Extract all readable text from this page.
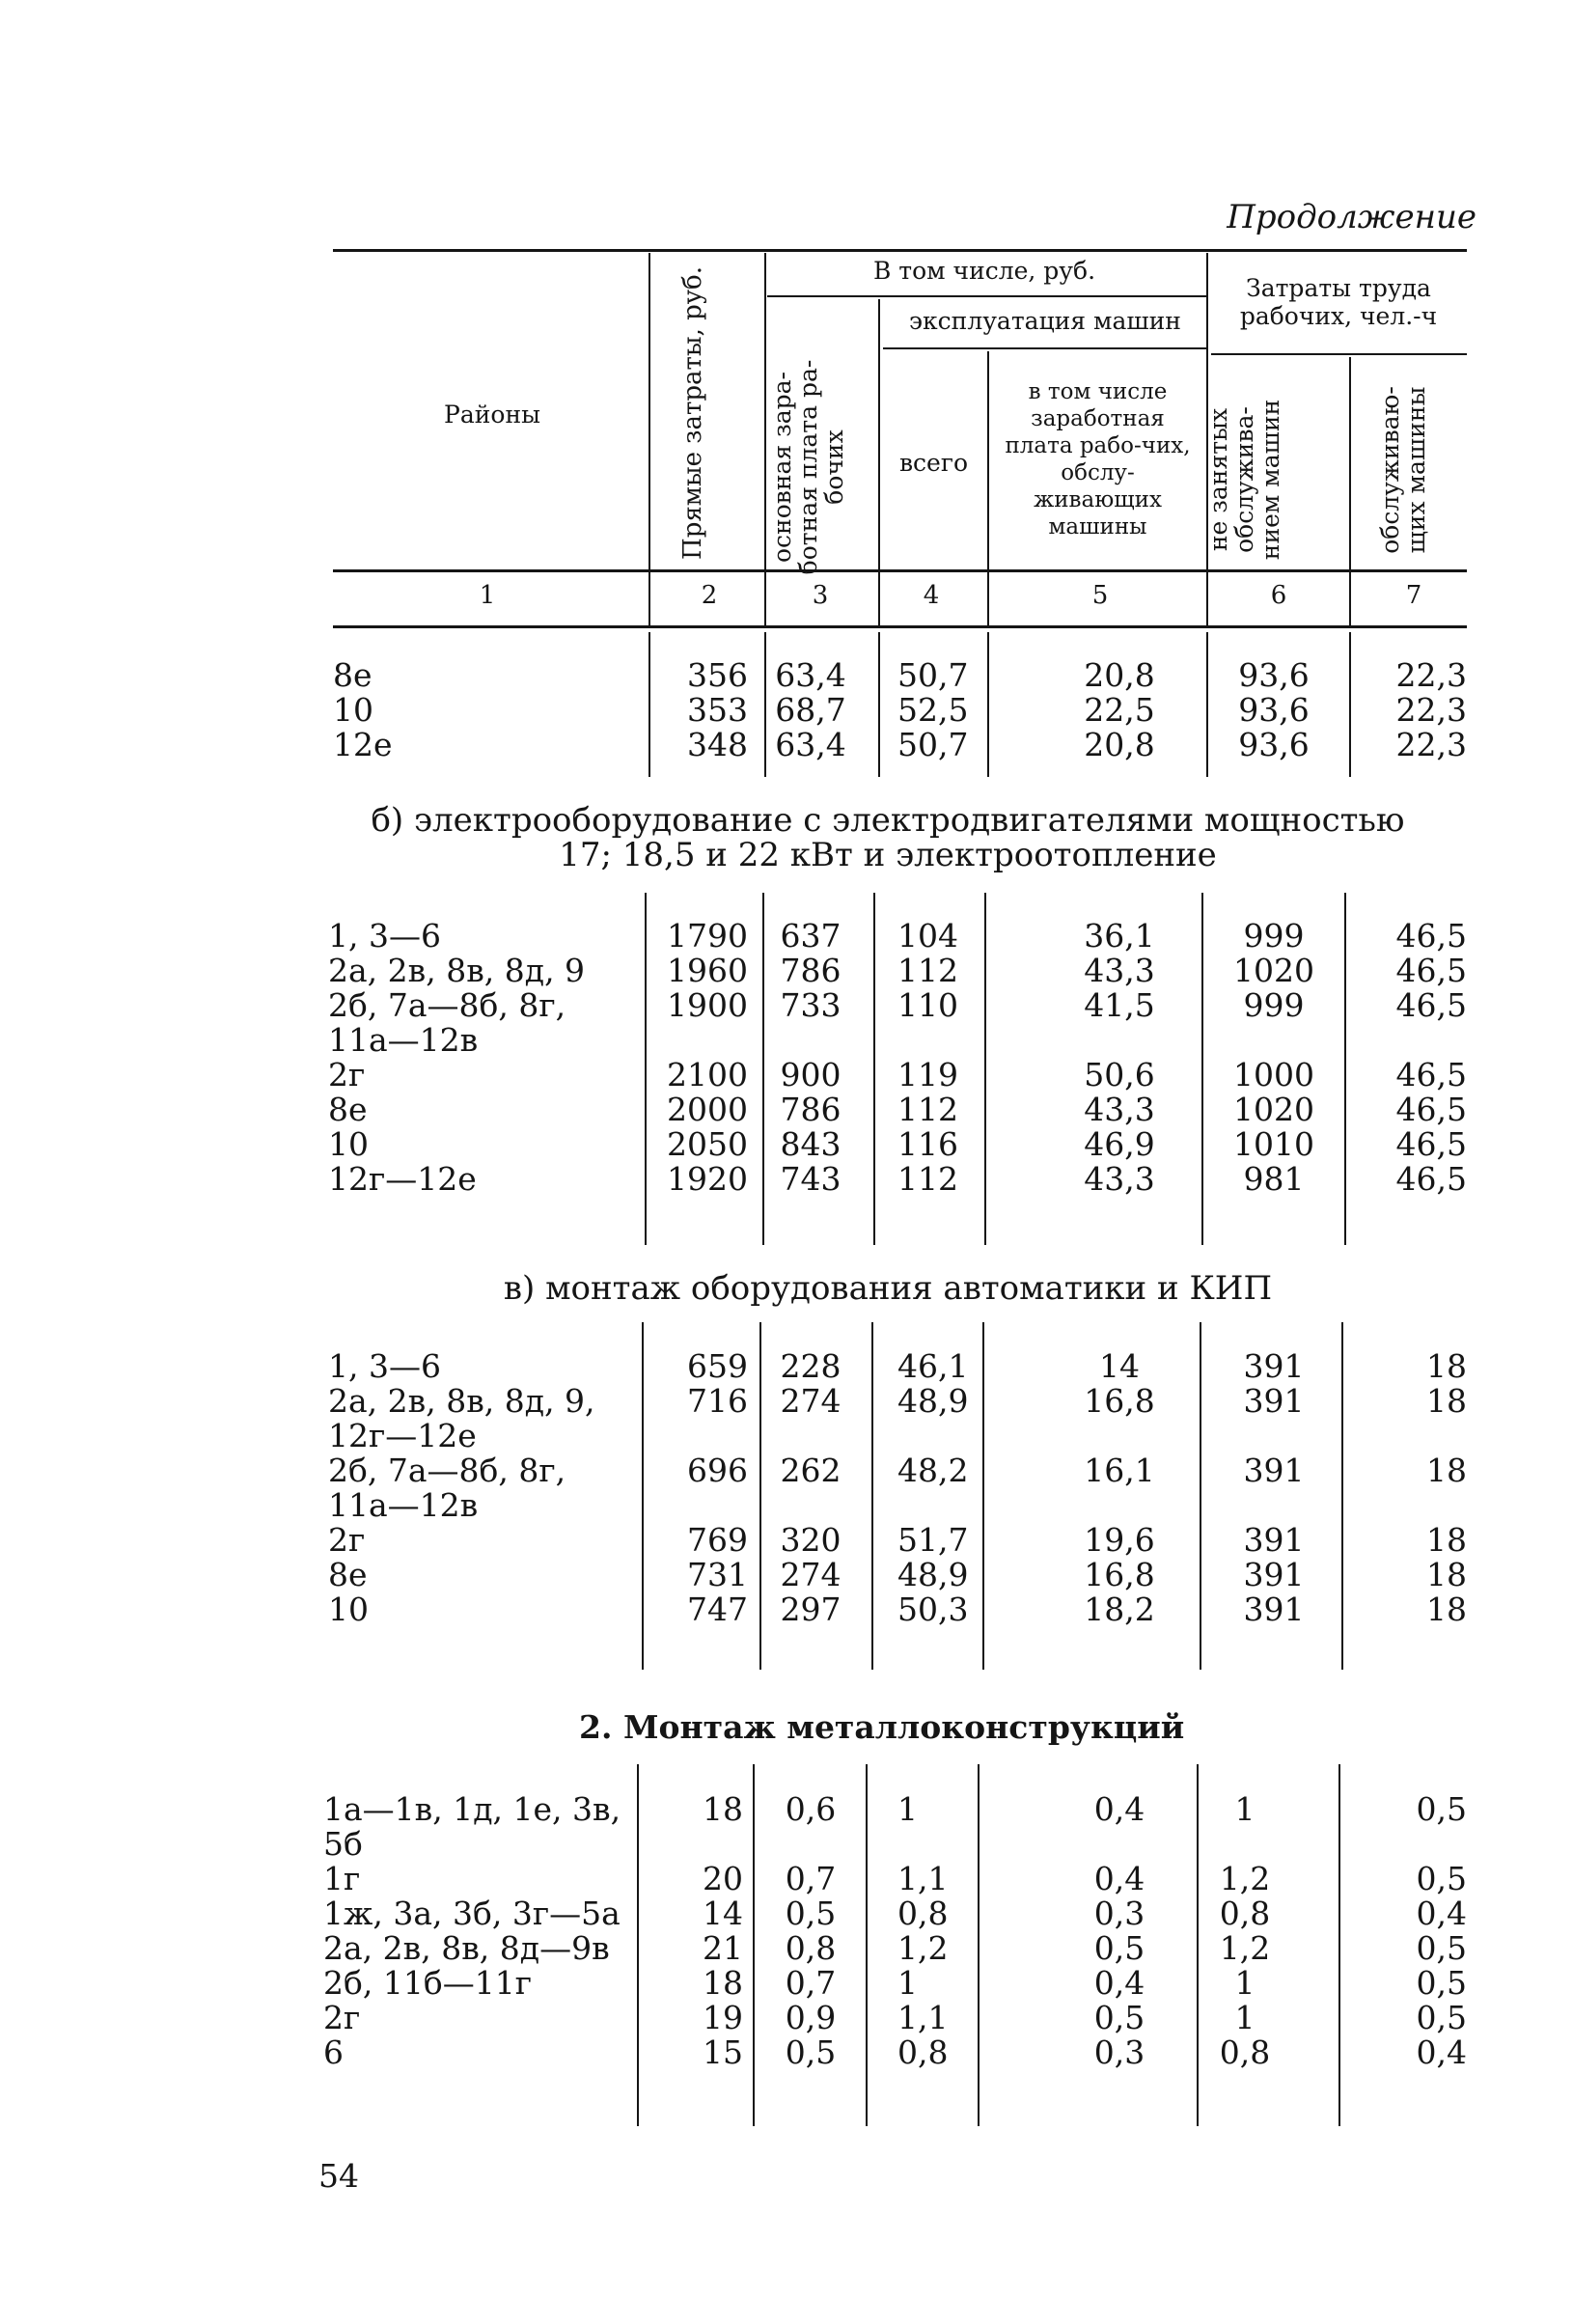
Продолжение
Районы	Прямые затраты, руб.	В том числе, руб.
Затраты труда рабочих, чел.-ч
основная зара-ботная плата ра-бочих
эксплуатация машин
всего
в том числе заработная плата рабо-чих, обслу-живающих машины	не занятых обслужива-нием машин	обслуживаю-щих машины
1	2	3	4	5	6	7
8е	356 63,4	50,7	20,8	93,6	22,3
10	353 68,7	52,5	22,5	93,6	22,3
12е	348 63,4	50,7	20,8	93,6	22,3
б) электрооборудование с электродвигателями мощностью
17; 18,5 и 22 кВт и электроотопление
1, 3—6	1790	637	104	36,1	999	46,5
2а, 2в, 8в, 8д, 9	1960	786	112	43,3	1020	46,5
2б, 7а—8б, 8г,	1900	733	110	41,5	999	46,5
11а—12в
2г	2100	900	119	50,6	1000	46,5
8е	2000	786	112	43,3	1020	46,5
10	2050	843	116	46,9	1010	46,5
12г—12е	1920	743	112	43,3	981	46,5
в) монтаж оборудования автоматики и КИП
1, 3—6	659	228	46,1	14	391	18
2а, 2в, 8в, 8д, 9,	716	274	48,9	16,8	391	18
12г—12е
2б, 7а—8б, 8г,	696	262	48,2	16,1	391	18
11а—12в
2г	769	320	51,7	19,6	391	18
8е	731	274	48,9	16,8	391	18
10	747	297	50,3	18,2	391	18
2. Монтаж металлоконструкций
1а—1в, 1д, 1е, 3в,	18	0,6	1	0,4	1	0,5
5б
1г	20	0,7	1,1	0,4	1,2	0,5
1ж, 3а, 3б, 3г—5а	14	0,5	0,8	0,3	0,8	0,4
2а, 2в, 8в, 8д—9в	21	0,8	1,2	0,5	1,2	0,5
2б, 11б—11г	18	0,7	1	0,4	1	0,5
2г	19	0,9	1,1	0,5	1	0,5
6	15	0,5	0,8	0,3	0,8	0,4
54
